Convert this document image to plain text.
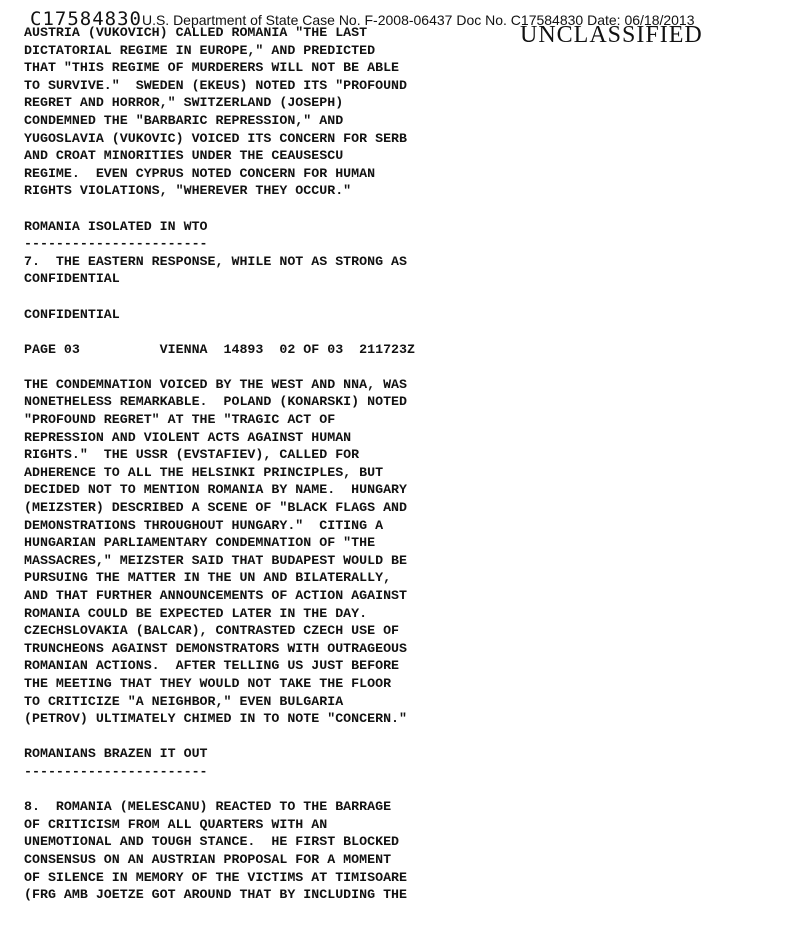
C17584830U.S. Department of State Case No. F-2008-06437 Doc No. C17584830 Date: 06/18/2013
UNCLASSIFIED
AUSTRIA (VUKOVICH) CALLED ROMANIA "THE LAST
DICTATORIAL REGIME IN EUROPE," AND PREDICTED
THAT "THIS REGIME OF MURDERERS WILL NOT BE ABLE
TO SURVIVE."  SWEDEN (EKEUS) NOTED ITS "PROFOUND
REGRET AND HORROR," SWITZERLAND (JOSEPH)
CONDEMNED THE "BARBARIC REPRESSION," AND
YUGOSLAVIA (VUKOVIC) VOICED ITS CONCERN FOR SERB
AND CROAT MINORITIES UNDER THE CEAUSESCU
REGIME.  EVEN CYPRUS NOTED CONCERN FOR HUMAN
RIGHTS VIOLATIONS, "WHEREVER THEY OCCUR."
ROMANIA ISOLATED IN WTO
-----------------------
7.  THE EASTERN RESPONSE, WHILE NOT AS STRONG AS
CONFIDENTIAL
CONFIDENTIAL
PAGE 03          VIENNA  14893  02 OF 03  211723Z
THE CONDEMNATION VOICED BY THE WEST AND NNA, WAS
NONETHELESS REMARKABLE.  POLAND (KONARSKI) NOTED
"PROFOUND REGRET" AT THE "TRAGIC ACT OF
REPRESSION AND VIOLENT ACTS AGAINST HUMAN
RIGHTS."  THE USSR (EVSTAFIEV), CALLED FOR
ADHERENCE TO ALL THE HELSINKI PRINCIPLES, BUT
DECIDED NOT TO MENTION ROMANIA BY NAME.  HUNGARY
(MEIZSTER) DESCRIBED A SCENE OF "BLACK FLAGS AND
DEMONSTRATIONS THROUGHOUT HUNGARY."  CITING A
HUNGARIAN PARLIAMENTARY CONDEMNATION OF "THE
MASSACRES," MEIZSTER SAID THAT BUDAPEST WOULD BE
PURSUING THE MATTER IN THE UN AND BILATERALLY,
AND THAT FURTHER ANNOUNCEMENTS OF ACTION AGAINST
ROMANIA COULD BE EXPECTED LATER IN THE DAY.
CZECHSLOVAKIA (BALCAR), CONTRASTED CZECH USE OF
TRUNCHEONS AGAINST DEMONSTRATORS WITH OUTRAGEOUS
ROMANIAN ACTIONS.  AFTER TELLING US JUST BEFORE
THE MEETING THAT THEY WOULD NOT TAKE THE FLOOR
TO CRITICIZE "A NEIGHBOR," EVEN BULGARIA
(PETROV) ULTIMATELY CHIMED IN TO NOTE "CONCERN."
ROMANIANS BRAZEN IT OUT
-----------------------
8.  ROMANIA (MELESCANU) REACTED TO THE BARRAGE
OF CRITICISM FROM ALL QUARTERS WITH AN
UNEMOTIONAL AND TOUGH STANCE.  HE FIRST BLOCKED
CONSENSUS ON AN AUSTRIAN PROPOSAL FOR A MOMENT
OF SILENCE IN MEMORY OF THE VICTIMS AT TIMISOARE
(FRG AMB JOETZE GOT AROUND THAT BY INCLUDING THE
